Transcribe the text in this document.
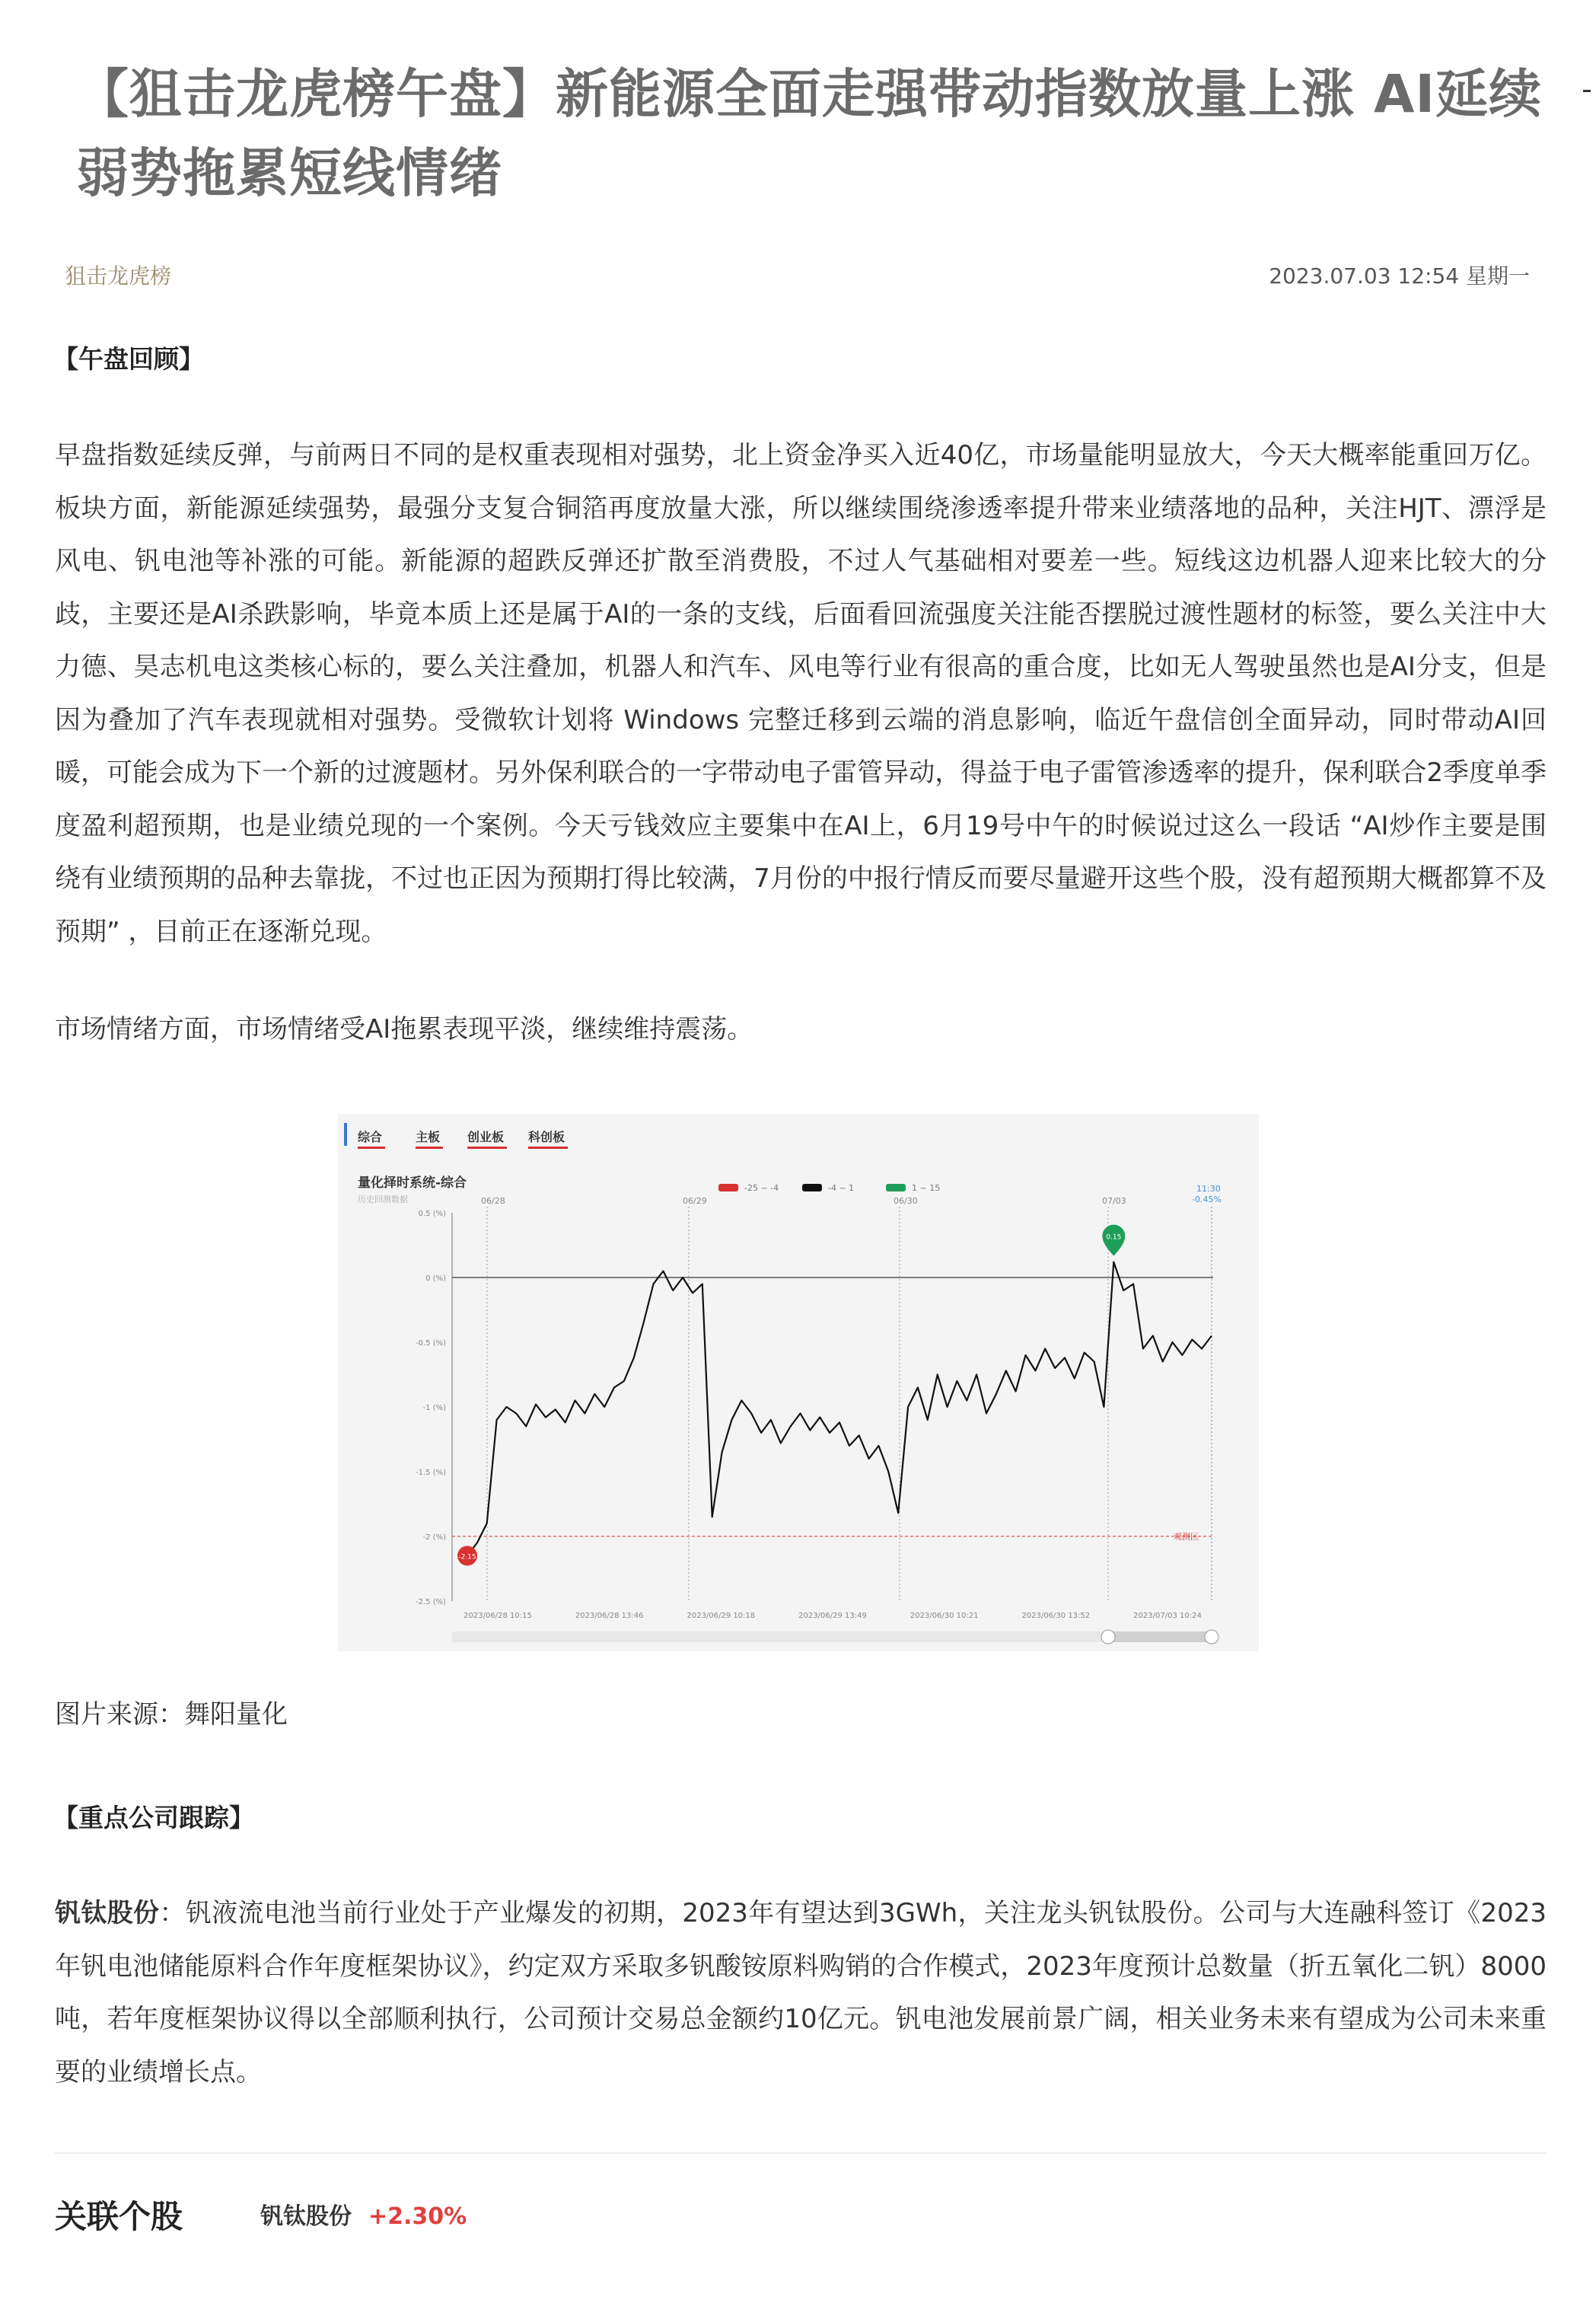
【狙击龙虎榜午盘】新能源全面走强带动指数放量上涨 AI延续弱势拖累短线情绪
狙击龙虎榜	2023.07.03 12:54 星期一
【午盘回顾】
早盘指数延续反弹，与前两日不同的是权重表现相对强势，北上资金净买入近40亿，市场量能明显放大，今天大概率能重回万亿。板块方面，新能源延续强势，最强分支复合铜箔再度放量大涨，所以继续围绕渗透率提升带来业绩落地的品种，关注HJT、漂浮是风电、钒电池等补涨的可能。新能源的超跌反弹还扩散至消费股，不过人气基础相对要差一些。短线这边机器人迎来比较大的分歧，主要还是AI杀跌影响，毕竟本质上还是属于AI的一条的支线，后面看回流强度关注能否摆脱过渡性题材的标签，要么关注中大力德、昊志机电这类核心标的，要么关注叠加，机器人和汽车、风电等行业有很高的重合度，比如无人驾驶虽然也是AI分支，但是因为叠加了汽车表现就相对强势。受微软计划将 Windows 完整迁移到云端的消息影响，临近午盘信创全面异动，同时带动AI回暖，可能会成为下一个新的过渡题材。另外保利联合的一字带动电子雷管异动，得益于电子雷管渗透率的提升，保利联合2季度单季度盈利超预期，也是业绩兑现的一个案例。今天亏钱效应主要集中在AI上，6月19号中午的时候说过这么一段话 “AI炒作主要是围绕有业绩预期的品种去靠拢，不过也正因为预期打得比较满，7月份的中报行情反而要尽量避开这些个股，没有超预期大概都算不及预期” ，目前正在逐渐兑现。
市场情绪方面，市场情绪受AI拖累表现平淡，继续维持震荡。
综合	主板 创业板 科创板
量化择时系统-综合
历史回测数据
-25 ~ -4	-4 ~ 1	1 ~ 15
观测区
06/28	06/29	06/30	07/03
11:30
-0.45%
0.5 (%)
0 (%)
-0.5 (%)
-1 (%)
-1.5 (%)
-2 (%)
-2.5 (%)
2023/06/28 10:15	2023/06/28 13:46	2023/06/29 10:18	2023/06/29 13:49	2023/06/30 10:21	2023/06/30 13:52	2023/07/03 10:24
-2.15
0.15
图片来源：舞阳量化
【重点公司跟踪】
钒钛股份：钒液流电池当前行业处于产业爆发的初期，2023年有望达到3GWh，关注龙头钒钛股份。公司与大连融科签订《2023年钒电池储能原料合作年度框架协议》，约定双方采取多钒酸铵原料购销的合作模式，2023年度预计总数量（折五氧化二钒）8000吨，若年度框架协议得以全部顺利执行，公司预计交易总金额约10亿元。钒电池发展前景广阔，相关业务未来有望成为公司未来重要的业绩增长点。
关联个股	钒钛股份 +2.30%
